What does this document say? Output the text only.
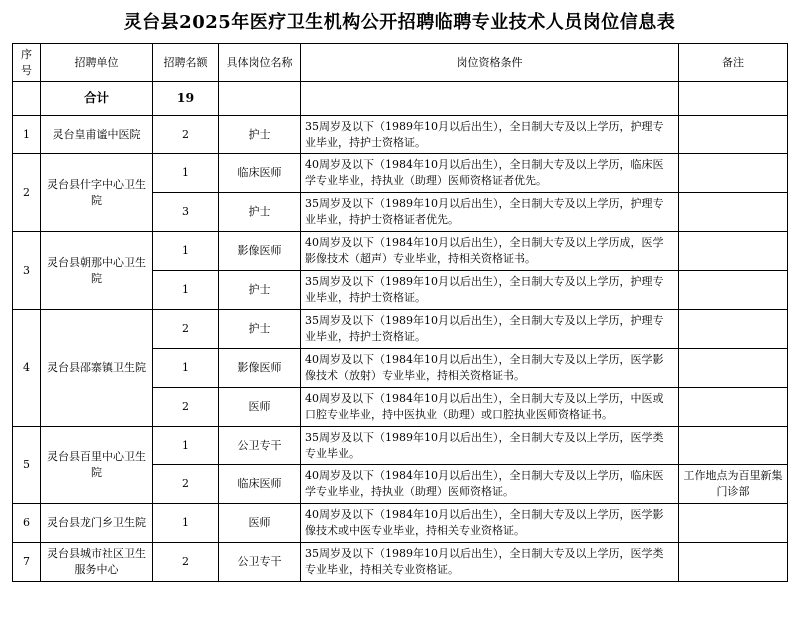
灵台县2025年医疗卫生机构公开招聘临聘专业技术人员岗位信息表
序号	招聘单位	招聘名额	具体岗位名称	岗位资格条件	备注
	合计	19			
1	灵台皇甫谧中医院	2	护士	35周岁及以下（1989年10月以后出生），全日制大专及以上学历，护理专业毕业，持护士资格证。	
2	灵台县什字中心卫生院	1	临床医师	40周岁及以下（1984年10月以后出生），全日制大专及以上学历，临床医学专业毕业，持执业（助理）医师资格证者优先。	
		3	护士	35周岁及以下（1989年10月以后出生），全日制大专及以上学历，护理专业毕业，持护士资格证者优先。	
3	灵台县朝那中心卫生院	1	影像医师	40周岁及以下（1984年10月以后出生），全日制大专及以上学历成，医学影像技术（超声）专业毕业，持相关资格证书。	
		1	护士	35周岁及以下（1989年10月以后出生），全日制大专及以上学历，护理专业毕业，持护士资格证。	
4	灵台县邵寨镇卫生院	2	护士	35周岁及以下（1989年10月以后出生），全日制大专及以上学历，护理专业毕业，持护士资格证。	
		1	影像医师	40周岁及以下（1984年10月以后出生），全日制大专及以上学历，医学影像技术（放射）专业毕业，持相关资格证书。	
		2	医师	40周岁及以下（1984年10月以后出生），全日制大专及以上学历，中医或口腔专业毕业，持中医执业（助理）或口腔执业医师资格证书。	
5	灵台县百里中心卫生院	1	公卫专干	35周岁及以下（1989年10月以后出生），全日制大专及以上学历，医学类专业毕业。	
		2	临床医师	40周岁及以下（1984年10月以后出生），全日制大专及以上学历，临床医学专业毕业，持执业（助理）医师资格证。	工作地点为百里新集门诊部
6	灵台县龙门乡卫生院	1	医师	40周岁及以下（1984年10月以后出生），全日制大专及以上学历，医学影像技术或中医专业毕业，持相关专业资格证。	
7	灵台县城市社区卫生服务中心	2	公卫专干	35周岁及以下（1989年10月以后出生），全日制大专及以上学历，医学类专业毕业，持相关专业资格证。	
